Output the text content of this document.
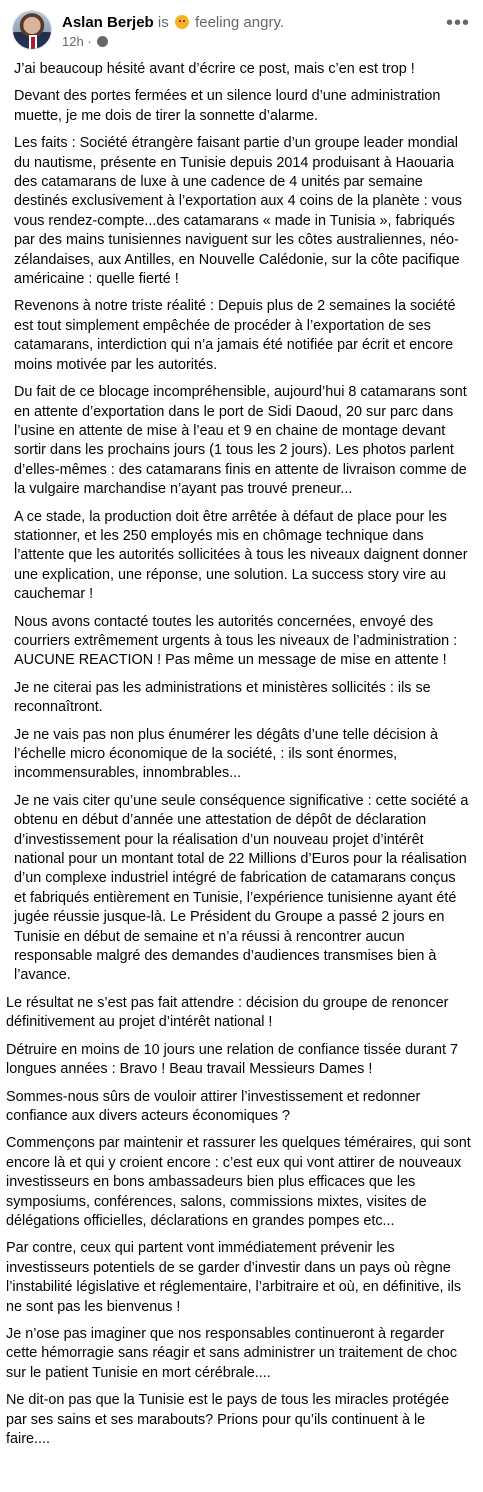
Aslan Berjeb is feeling angry.
12h ·
•••

J’ai beaucoup hésité avant d’écrire ce post, mais c’en est trop !

Devant des portes fermées et un silence lourd d’une administration muette, je me dois de tirer la sonnette d’alarme.

Les faits : Société étrangère faisant partie d’un groupe leader mondial du nautisme, présente en Tunisie depuis 2014 produisant à Haouaria des catamarans de luxe à une cadence de 4 unités par semaine destinés exclusivement à l’exportation aux 4 coins de la planète : vous vous rendez-compte...des catamarans « made in Tunisia », fabriqués par des mains tunisiennes naviguent sur les côtes australiennes, néo-zélandaises, aux Antilles, en Nouvelle Calédonie, sur la côte pacifique américaine : quelle fierté !

Revenons à notre triste réalité : Depuis plus de 2 semaines la société est tout simplement empêchée de procéder à l’exportation de ses catamarans, interdiction qui n’a jamais été notifiée par écrit et encore moins motivée par les autorités.

Du fait de ce blocage incompréhensible, aujourd’hui 8 catamarans sont en attente d’exportation dans le port de Sidi Daoud, 20 sur parc dans l’usine en attente de mise à l’eau et 9 en chaine de montage devant sortir dans les prochains jours (1 tous les 2 jours). Les photos parlent d’elles-mêmes : des catamarans finis en attente de livraison comme de la vulgaire marchandise n’ayant pas trouvé preneur...

A ce stade, la production doit être arrêtée à défaut de place pour les stationner, et les 250 employés mis en chômage technique dans l’attente que les autorités sollicitées à tous les niveaux daignent donner une explication, une réponse, une solution. La success story vire au cauchemar !

Nous avons contacté toutes les autorités concernées, envoyé des courriers extrêmement urgents à tous les niveaux de l’administration : AUCUNE REACTION ! Pas même un message de mise en attente !

Je ne citerai pas les administrations et ministères sollicités : ils se reconnaîtront.

Je ne vais pas non plus énumérer les dégâts d’une telle décision à l’échelle micro économique de la société, : ils sont énormes, incommensurables, innombrables...

Je ne vais citer qu’une seule conséquence significative : cette société a obtenu en début d’année une attestation de dépôt de déclaration d’investissement pour la réalisation d’un nouveau projet d’intérêt national pour un montant total de 22 Millions d’Euros pour la réalisation d’un complexe industriel intégré de fabrication de catamarans conçus et fabriqués entièrement en Tunisie, l’expérience tunisienne ayant été jugée réussie jusque-là. Le Président du Groupe a passé 2 jours en Tunisie en début de semaine et n’a réussi à rencontrer aucun responsable malgré des demandes d’audiences transmises bien à l’avance.

Le résultat ne s’est pas fait attendre : décision du groupe de renoncer définitivement au projet d’intérêt national !

Détruire en moins de 10 jours une relation de confiance tissée durant 7 longues années : Bravo ! Beau travail Messieurs Dames !

Sommes-nous sûrs de vouloir attirer l’investissement et redonner confiance aux divers acteurs économiques ?

Commençons par maintenir et rassurer les quelques téméraires, qui sont encore là et qui y croient encore : c’est eux qui vont attirer de nouveaux investisseurs en bons ambassadeurs bien plus efficaces que les symposiums, conférences, salons, commissions mixtes, visites de délégations officielles, déclarations en grandes pompes etc...

Par contre, ceux qui partent vont immédiatement prévenir les investisseurs potentiels de se garder d’investir dans un pays où règne l’instabilité législative et réglementaire, l’arbitraire et où, en définitive, ils ne sont pas les bienvenus !

Je n’ose pas imaginer que nos responsables continueront à regarder cette hémorragie sans réagir et sans administrer un traitement de choc sur le patient Tunisie en mort cérébrale....

Ne dit-on pas que la Tunisie est le pays de tous les miracles protégée par ses sains et ses marabouts? Prions pour qu’ils continuent à le faire....
